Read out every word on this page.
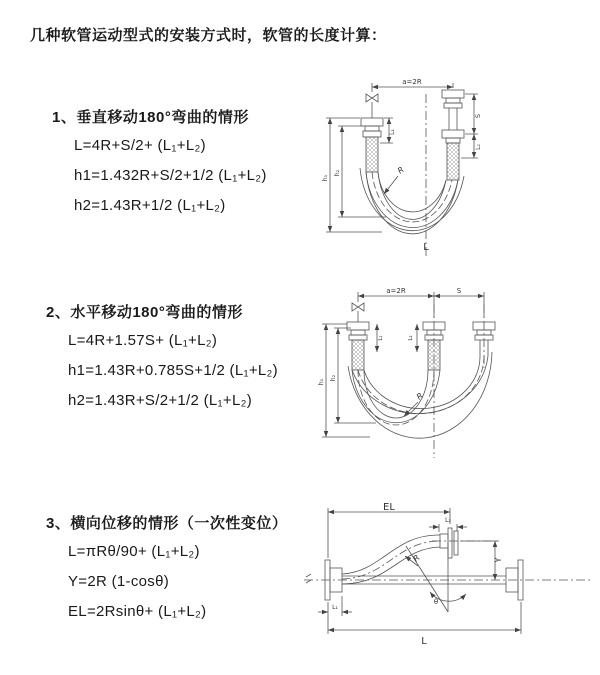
几种软管运动型式的安装方式时，软管的长度计算：
1、垂直移动180°弯曲的情形
L=4R+S/2+ (L₁+L₂)
h1=1.432R+S/2+1/2 (L₁+L₂)
h2=1.43R+1/2 (L₁+L₂)
2、水平移动180°弯曲的情形
L=4R+1.57S+ (L₁+L₂)
h1=1.43R+0.785S+1/2 (L₁+L₂)
h2=1.43R+S/2+1/2 (L₁+L₂)
3、横向位移的情形（一次性变位）
L=πRθ/90+ (L₁+L₂)
Y=2R (1-cosθ)
EL=2Rsinθ+ (L₁+L₂)
a=2R
L₁
S
L₂
h₁
h₂	R
L
a=2R	S
L₁	L₂
h₁
h₂
R
EL
L₂
Y
L
L₁
R
θ
